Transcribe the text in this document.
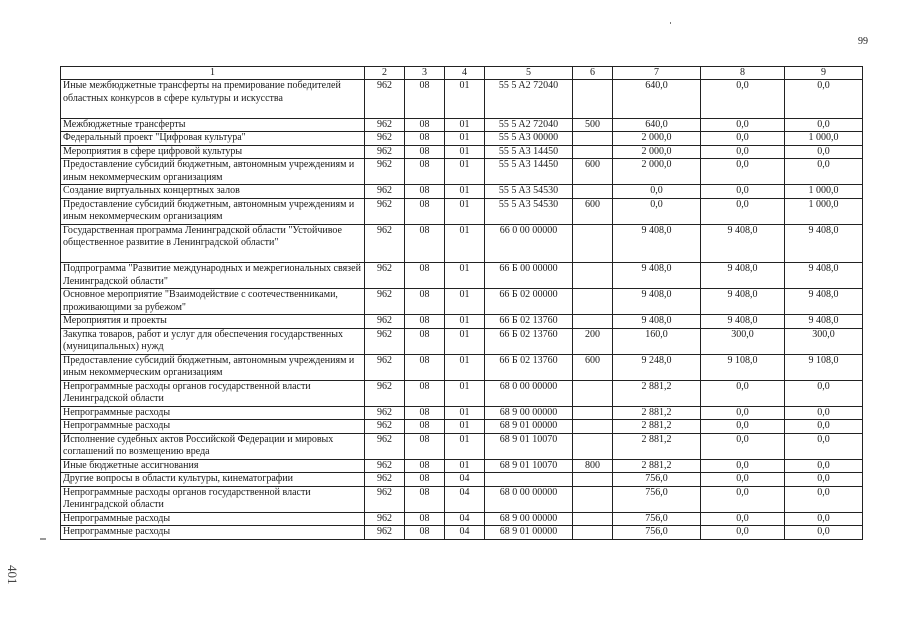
99
401
1	2	3	4	5	6	7	8	9
Иные межбюджетные трансферты на премирование победителей областных конкурсов в сфере культуры и искусства	962	08	01	55 5 A2 72040		640,0	0,0	0,0
Межбюджетные трансферты	962	08	01	55 5 A2 72040	500	640,0	0,0	0,0
Федеральный проект "Цифровая культура"	962	08	01	55 5 A3 00000		2 000,0	0,0	1 000,0
Мероприятия в сфере цифровой культуры	962	08	01	55 5 A3 14450		2 000,0	0,0	0,0
Предоставление субсидий бюджетным, автономным учреждениям и иным некоммерческим организациям	962	08	01	55 5 A3 14450	600	2 000,0	0,0	0,0
Создание виртуальных концертных залов	962	08	01	55 5 A3 54530		0,0	0,0	1 000,0
Предоставление субсидий бюджетным, автономным учреждениям и иным некоммерческим организациям	962	08	01	55 5 A3 54530	600	0,0	0,0	1 000,0
Государственная программа Ленинградской области "Устойчивое общественное развитие в Ленинградской области"	962	08	01	66 0 00 00000		9 408,0	9 408,0	9 408,0
Подпрограмма "Развитие международных и межрегиональных связей Ленинградской области"	962	08	01	66 Б 00 00000		9 408,0	9 408,0	9 408,0
Основное мероприятие "Взаимодействие с соотечественниками, проживающими за рубежом"	962	08	01	66 Б 02 00000		9 408,0	9 408,0	9 408,0
Мероприятия и проекты	962	08	01	66 Б 02 13760		9 408,0	9 408,0	9 408,0
Закупка товаров, работ и услуг для обеспечения государственных (муниципальных) нужд	962	08	01	66 Б 02 13760	200	160,0	300,0	300,0
Предоставление субсидий бюджетным, автономным учреждениям и иным некоммерческим организациям	962	08	01	66 Б 02 13760	600	9 248,0	9 108,0	9 108,0
Непрограммные расходы органов государственной власти Ленинградской области	962	08	01	68 0 00 00000		2 881,2	0,0	0,0
Непрограммные расходы	962	08	01	68 9 00 00000		2 881,2	0,0	0,0
Непрограммные расходы	962	08	01	68 9 01 00000		2 881,2	0,0	0,0
Исполнение судебных актов Российской Федерации и мировых соглашений по возмещению вреда	962	08	01	68 9 01 10070		2 881,2	0,0	0,0
Иные бюджетные ассигнования	962	08	01	68 9 01 10070	800	2 881,2	0,0	0,0
Другие вопросы в области культуры, кинематографии	962	08	04			756,0	0,0	0,0
Непрограммные расходы органов государственной власти Ленинградской области	962	08	04	68 0 00 00000		756,0	0,0	0,0
Непрограммные расходы	962	08	04	68 9 00 00000		756,0	0,0	0,0
Непрограммные расходы	962	08	04	68 9 01 00000		756,0	0,0	0,0
